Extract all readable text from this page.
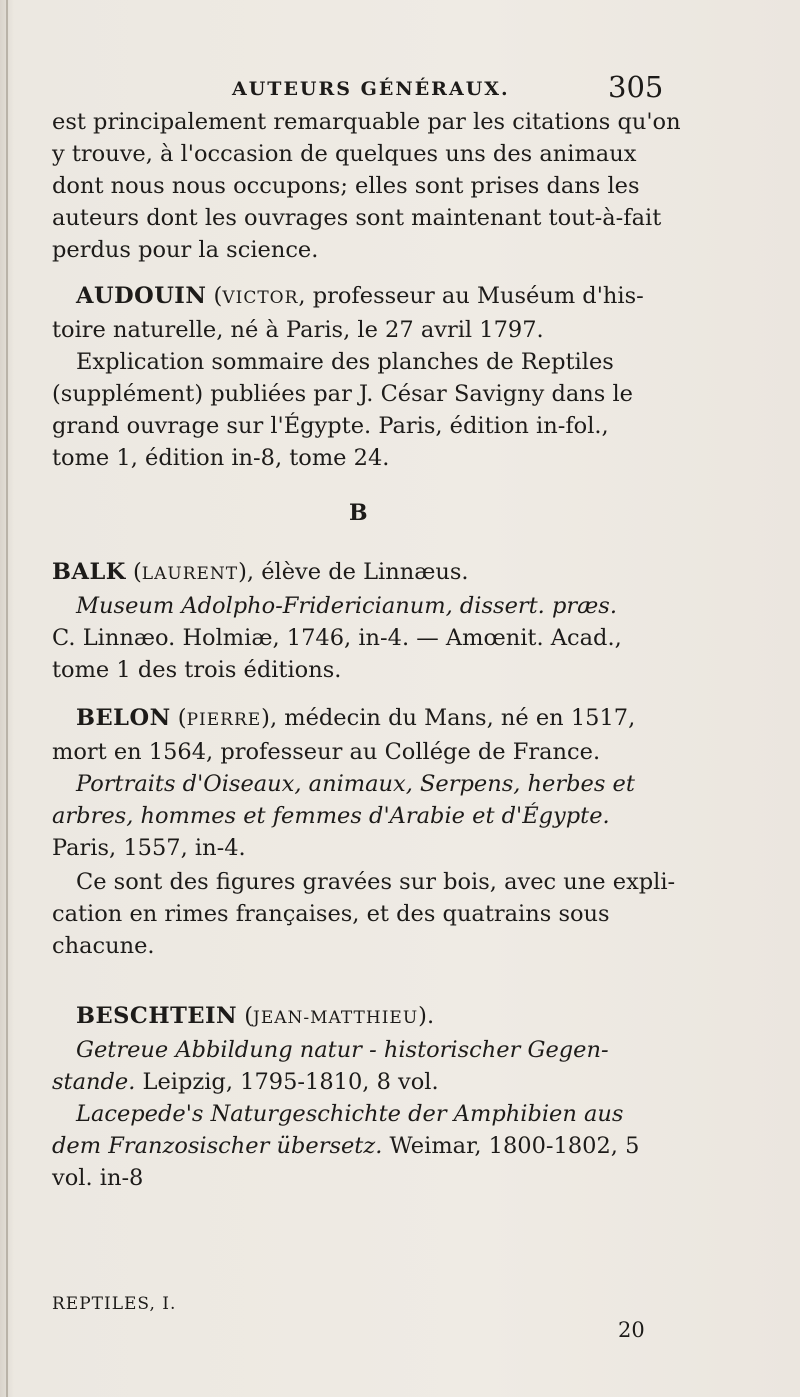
AUTEURS GÉNÉRAUX.	305

est principalement remarquable par les citations qu'on
y trouve, à l'occasion de quelques uns des animaux
dont nous nous occupons; elles sont prises dans les
auteurs dont les ouvrages sont maintenant tout-à-fait
perdus pour la science.

AUDOUIN (VICTOR, professeur au Muséum d'his-
toire naturelle, né à Paris, le 27 avril 1797.
Explication sommaire des planches de Reptiles
(supplément) publiées par J. César Savigny dans le
grand ouvrage sur l'Égypte. Paris, édition in-fol.,
tome 1, édition in-8, tome 24.

B

BALK (LAURENT), élève de Linnæus.
Museum Adolpho-Fridericianum, dissert. præs.
C. Linnæo. Holmiæ, 1746, in-4. — Amœnit. Acad.,
tome 1 des trois éditions.

BELON (PIERRE), médecin du Mans, né en 1517,
mort en 1564, professeur au Collége de France.
Portraits d'Oiseaux, animaux, Serpens, herbes et
arbres, hommes et femmes d'Arabie et d'Égypte.
Paris, 1557, in-4.

Ce sont des figures gravées sur bois, avec une expli-
cation en rimes françaises, et des quatrains sous
chacune.

BESCHTEIN (JEAN-MATTHIEU).
Getreue Abbildung natur - historischer Gegen-
stande. Leipzig, 1795-1810, 8 vol.
Lacepede's Naturgeschichte der Amphibien aus
dem Franzosischer übersetz. Weimar, 1800-1802, 5
vol. in-8

REPTILES, I.
20
